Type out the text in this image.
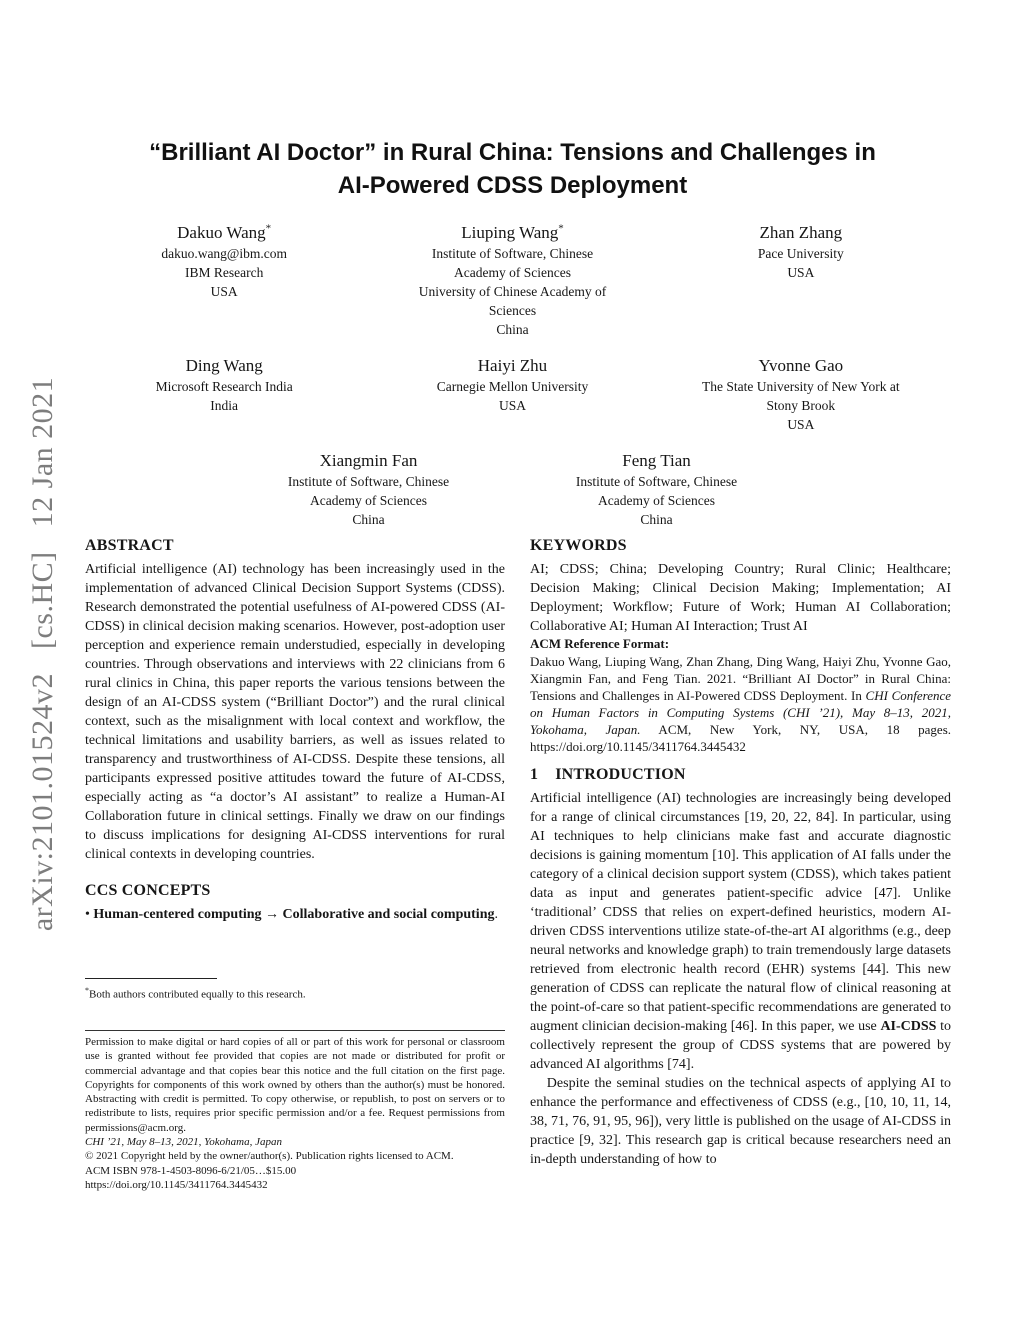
arXiv:2101.01524v2   [cs.HC]   12 Jan 2021
“Brilliant AI Doctor” in Rural China: Tensions and Challenges in
AI-Powered CDSS Deployment
Dakuo Wang*
dakuo.wang@ibm.com
IBM Research
USA
Liuping Wang*
Institute of Software, Chinese
Academy of Sciences
University of Chinese Academy of
Sciences
China
Zhan Zhang
Pace University
USA
Ding Wang
Microsoft Research India
India
Haiyi Zhu
Carnegie Mellon University
USA
Yvonne Gao
The State University of New York at
Stony Brook
USA
Xiangmin Fan
Institute of Software, Chinese
Academy of Sciences
China
Feng Tian
Institute of Software, Chinese
Academy of Sciences
China
ABSTRACT

Artificial intelligence (AI) technology has been increasingly used in the implementation of advanced Clinical Decision Support Systems (CDSS). Research demonstrated the potential usefulness of AI-powered CDSS (AI-CDSS) in clinical decision making scenarios. However, post-adoption user perception and experience remain understudied, especially in developing countries. Through observations and interviews with 22 clinicians from 6 rural clinics in China, this paper reports the various tensions between the design of an AI-CDSS system (“Brilliant Doctor”) and the rural clinical context, such as the misalignment with local context and workflow, the technical limitations and usability barriers, as well as issues related to transparency and trustworthiness of AI-CDSS. Despite these tensions, all participants expressed positive attitudes toward the future of AI-CDSS, especially acting as “a doctor’s AI assistant” to realize a Human-AI Collaboration future in clinical settings. Finally we draw on our findings to discuss implications for designing AI-CDSS interventions for rural clinical contexts in developing countries.

CCS CONCEPTS

• Human-centered computing → Collaborative and social computing.

*Both authors contributed equally to this research.

Permission to make digital or hard copies of all or part of this work for personal or classroom use is granted without fee provided that copies are not made or distributed for profit or commercial advantage and that copies bear this notice and the full citation on the first page. Copyrights for components of this work owned by others than the author(s) must be honored. Abstracting with credit is permitted. To copy otherwise, or republish, to post on servers or to redistribute to lists, requires prior specific permission and/or a fee. Request permissions from permissions@acm.org.

CHI ’21, May 8–13, 2021, Yokohama, Japan

© 2021 Copyright held by the owner/author(s). Publication rights licensed to ACM.

ACM ISBN 978-1-4503-8096-6/21/05…$15.00

https://doi.org/10.1145/3411764.3445432

KEYWORDS

AI; CDSS; China; Developing Country; Rural Clinic; Healthcare; Decision Making; Clinical Decision Making; Implementation; AI Deployment; Workflow; Future of Work; Human AI Collaboration; Collaborative AI; Human AI Interaction; Trust AI

ACM Reference Format:

Dakuo Wang, Liuping Wang, Zhan Zhang, Ding Wang, Haiyi Zhu, Yvonne Gao, Xiangmin Fan, and Feng Tian. 2021. “Brilliant AI Doctor” in Rural China: Tensions and Challenges in AI-Powered CDSS Deployment. In CHI Conference on Human Factors in Computing Systems (CHI ’21), May 8–13, 2021, Yokohama, Japan. ACM, New York, NY, USA, 18 pages. https://doi.org/10.1145/3411764.3445432

1 INTRODUCTION

Artificial intelligence (AI) technologies are increasingly being developed for a range of clinical circumstances [19, 20, 22, 84]. In particular, using AI techniques to help clinicians make fast and accurate diagnostic decisions is gaining momentum [10]. This application of AI falls under the category of a clinical decision support system (CDSS), which takes patient data as input and generates patient-specific advice [47]. Unlike ‘traditional’ CDSS that relies on expert-defined heuristics, modern AI-driven CDSS interventions utilize state-of-the-art AI algorithms (e.g., deep neural networks and knowledge graph) to train tremendously large datasets retrieved from electronic health record (EHR) systems [44]. This new generation of CDSS can replicate the natural flow of clinical reasoning at the point-of-care so that patient-specific recommendations are generated to augment clinician decision-making [46]. In this paper, we use AI-CDSS to collectively represent the group of CDSS systems that are powered by advanced AI algorithms [74].

Despite the seminal studies on the technical aspects of applying AI to enhance the performance and effectiveness of CDSS (e.g., [10, 10, 11, 14, 38, 71, 76, 91, 95, 96]), very little is published on the usage of AI-CDSS in practice [9, 32]. This research gap is critical because researchers need an in-depth understanding of how to
